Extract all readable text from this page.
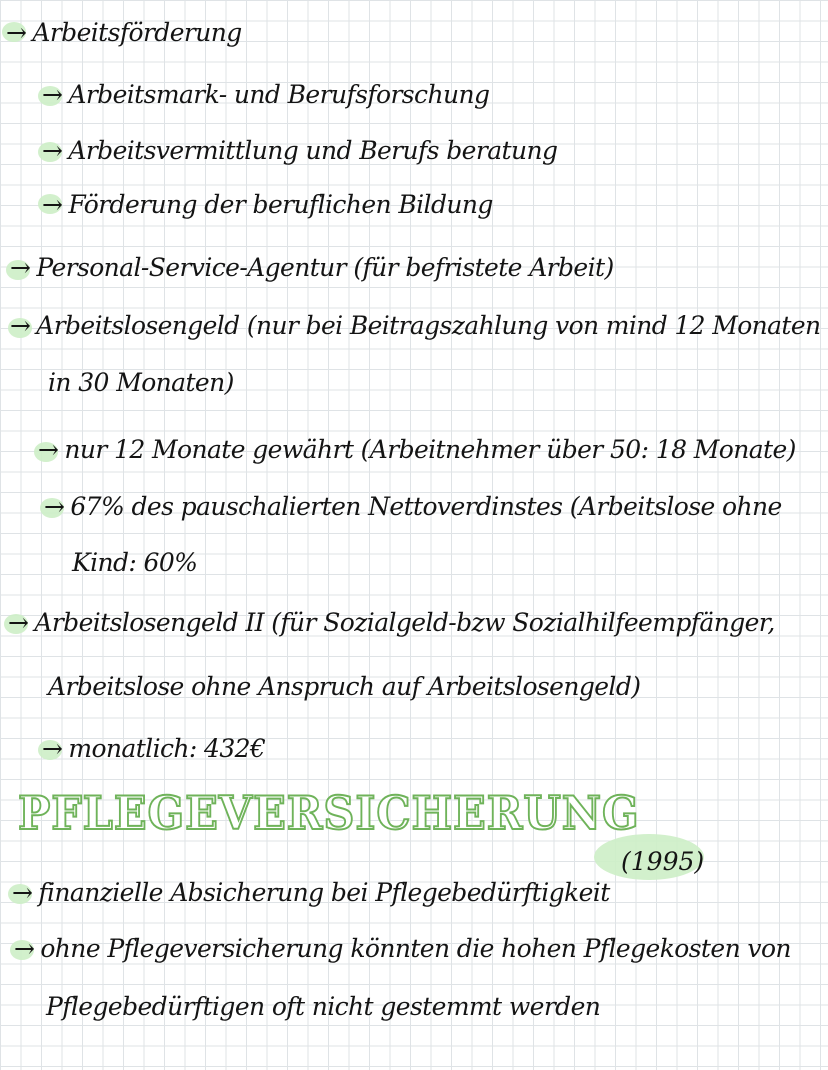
→ Arbeitsförderung
→ Arbeitsmark- und Berufsforschung
→ Arbeitsvermittlung und Berufs beratung
→ Förderung der beruflichen Bildung
→ Personal-Service-Agentur (für befristete Arbeit)
→ Arbeitslosengeld (nur bei Beitragszahlung von mind 12 Monaten
in 30 Monaten)
→ nur 12 Monate gewährt (Arbeitnehmer über 50: 18 Monate)
→ 67% des pauschalierten Nettoverdinstes (Arbeitslose ohne
Kind: 60%
→ Arbeitslosengeld II (für Sozialgeld-bzw Sozialhilfeempfänger,
Arbeitslose ohne Anspruch auf Arbeitslosengeld)
→ monatlich: 432€
PFLEGEVERSICHERUNG
(1995)
→ finanzielle Absicherung bei Pflegebedürftigkeit
→ ohne Pflegeversicherung könnten die hohen Pflegekosten von
Pflegebedürftigen oft nicht gestemmt werden
